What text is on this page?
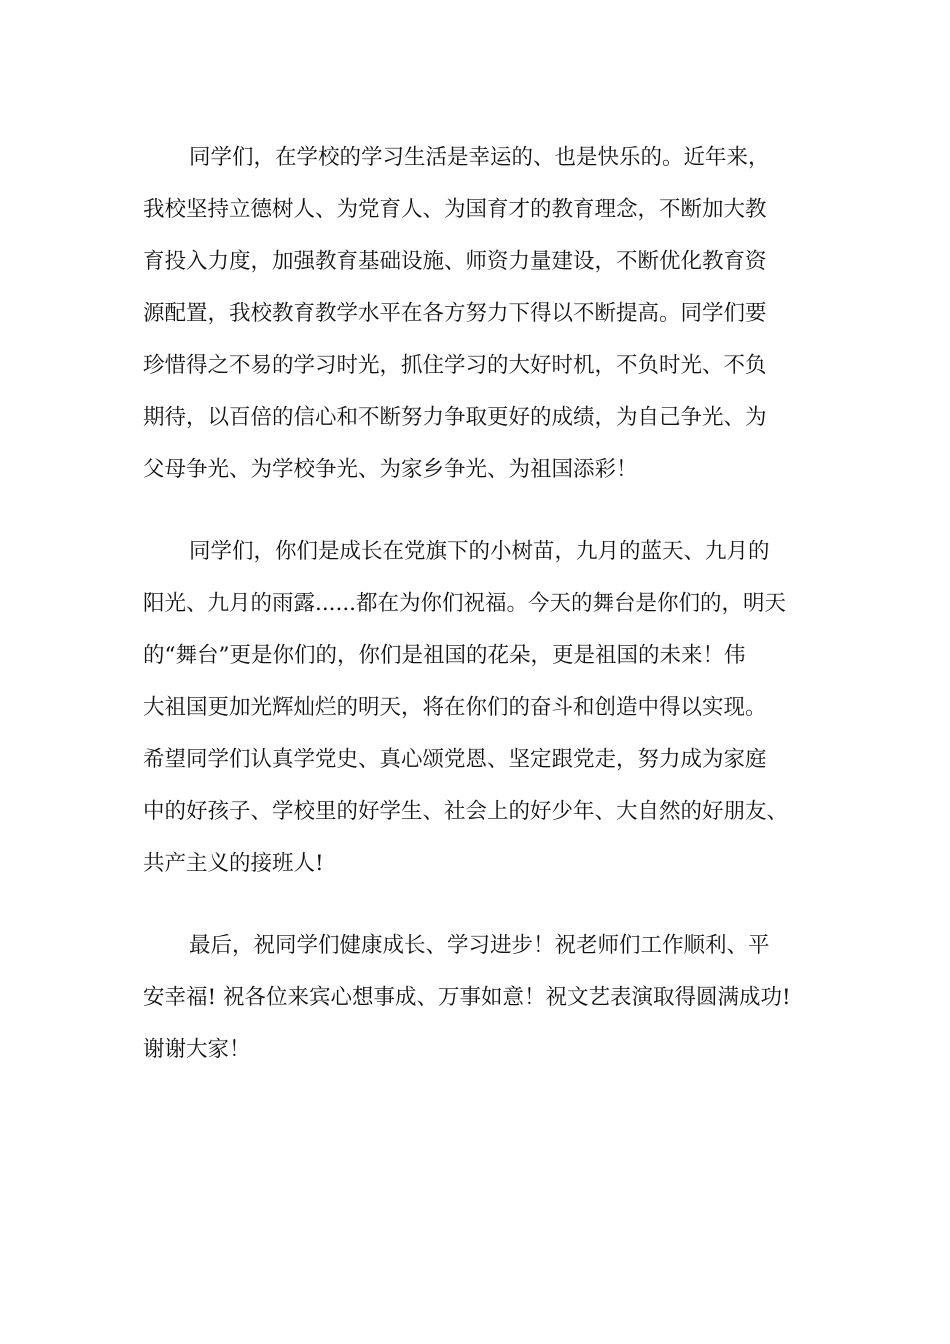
同学们，在学校的学习生活是幸运的、也是快乐的。近年来，
我校坚持立德树人、为党育人、为国育才的教育理念，不断加大教
育投入力度，加强教育基础设施、师资力量建设，不断优化教育资
源配置，我校教育教学水平在各方努力下得以不断提高。同学们要
珍惜得之不易的学习时光，抓住学习的大好时机，不负时光、不负
期待，以百倍的信心和不断努力争取更好的成绩，为自己争光、为
父母争光、为学校争光、为家乡争光、为祖国添彩！

同学们，你们是成长在党旗下的小树苗，九月的蓝天、九月的
阳光、九月的雨露......都在为你们祝福。今天的舞台是你们的，明天
的“舞台”更是你们的，你们是祖国的花朵，更是祖国的未来！伟
大祖国更加光辉灿烂的明天，将在你们的奋斗和创造中得以实现。
希望同学们认真学党史、真心颂党恩、坚定跟党走，努力成为家庭
中的好孩子、学校里的好学生、社会上的好少年、大自然的好朋友、
共产主义的接班人!

最后，祝同学们健康成长、学习进步！祝老师们工作顺利、平
安幸福! 祝各位来宾心想事成、万事如意！祝文艺表演取得圆满成功!
谢谢大家！
